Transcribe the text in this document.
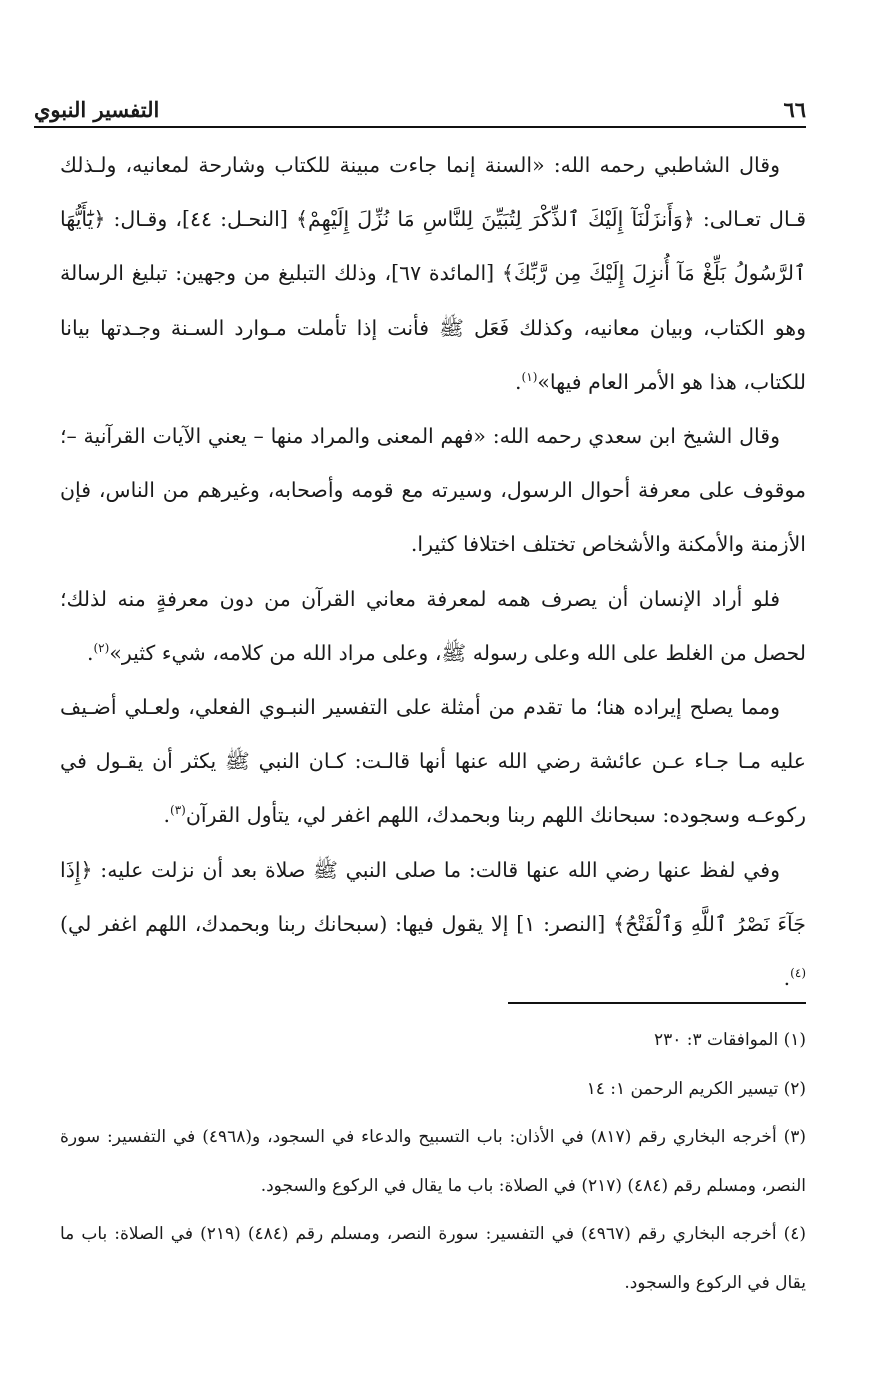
٦٦
التفسير النبوي

وقال الشاطبي رحمه الله: «السنة إنما جاءت مبينة للكتاب وشارحة لمعانيه، ولـذلك قـال تعـالى: ﴿وَأَنزَلْنَآ إِلَيْكَ ٱلذِّكْرَ لِتُبَيِّنَ لِلنَّاسِ مَا نُزِّلَ إِلَيْهِمْ﴾ [النحـل: ٤٤]، وقـال: ﴿يَٰٓأَيُّهَا ٱلرَّسُولُ بَلِّغْ مَآ أُنزِلَ إِلَيْكَ مِن رَّبِّكَ﴾ [المائدة ٦٧]، وذلك التبليغ من وجهين: تبليغ الرسالة وهو الكتاب، وبيان معانيه، وكذلك فَعَل ﷺ فأنت إذا تأملت مـوارد السـنة وجـدتها بيانا للكتاب، هذا هو الأمر العام فيها»$^{(١)}$.

وقال الشيخ ابن سعدي رحمه الله: «فهم المعنى والمراد منها – يعني الآيات القرآنية –؛ موقوف على معرفة أحوال الرسول، وسيرته مع قومه وأصحابه، وغيرهم من الناس، فإن الأزمنة والأمكنة والأشخاص تختلف اختلافا كثيرا.

فلو أراد الإنسان أن يصرف همه لمعرفة معاني القرآن من دون معرفةٍ منه لذلك؛ لحصل من الغلط على الله وعلى رسوله ﷺ، وعلى مراد الله من كلامه، شيء كثير»$^{(٢)}$.

ومما يصلح إيراده هنا؛ ما تقدم من أمثلة على التفسير النبـوي الفعلي، ولعـلي أضـيف عليه مـا جـاء عـن عائشة رضي الله عنها أنها قالـت: كـان النبي ﷺ يكثر أن يقـول في ركوعـه وسجوده: سبحانك اللهم ربنا وبحمدك، اللهم اغفر لي، يتأول القرآن$^{(٣)}$.

وفي لفظ عنها رضي الله عنها قالت: ما صلى النبي ﷺ صلاة بعد أن نزلت عليه: ﴿إِذَا جَآءَ نَصْرُ ٱللَّهِ وَٱلْفَتْحُ﴾ [النصر: ١] إلا يقول فيها: (سبحانك ربنا وبحمدك، اللهم اغفر لي)$^{(٤)}$.

(١) الموافقات ٣: ٢٣٠

(٢) تيسير الكريم الرحمن ١: ١٤

(٣) أخرجه البخاري رقم (٨١٧) في الأذان: باب التسبيح والدعاء في السجود، و(٤٩٦٨) في التفسير: سورة النصر، ومسلم رقم (٤٨٤) (٢١٧) في الصلاة: باب ما يقال في الركوع والسجود.

(٤) أخرجه البخاري رقم (٤٩٦٧) في التفسير: سورة النصر، ومسلم رقم (٤٨٤) (٢١٩) في الصلاة: باب ما يقال في الركوع والسجود.
